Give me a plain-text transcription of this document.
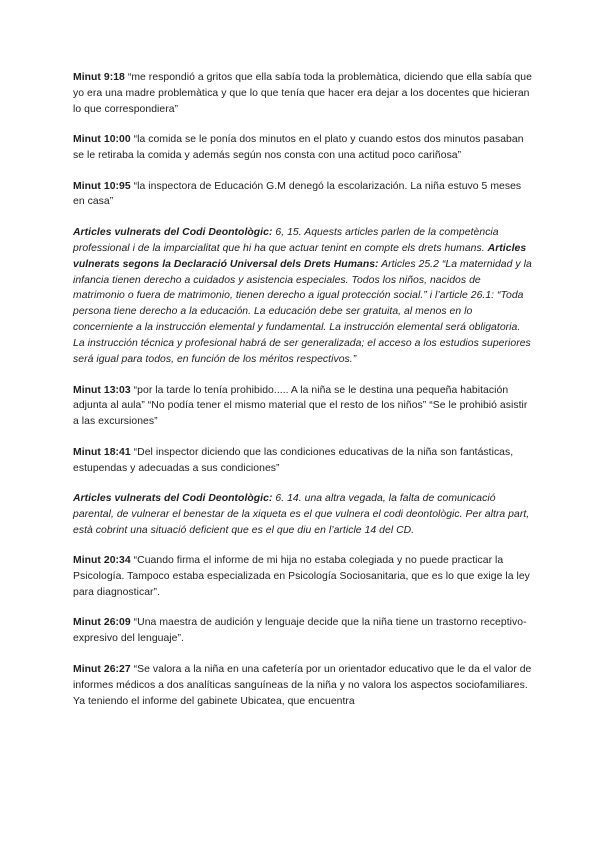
Minut 9:18 “me respondió a gritos que ella sabía toda la problemàtica, diciendo que ella sabía que yo era una madre problemàtica y que lo que tenía que hacer era dejar a los docentes que hicieran lo que correspondiera”

Minut 10:00 “la comida se le ponía dos minutos en el plato y cuando estos dos minutos pasaban se le retiraba la comida y además según nos consta con una actitud poco cariñosa”

Minut 10:95 “la inspectora de Educación G.M denegó la escolarización. La niña estuvo 5 meses en casa”

Articles vulnerats del Codi Deontològic: 6, 15. Aquests articles parlen de la competència professional i de la imparcialitat que hi ha que actuar tenint en compte els drets humans. Articles vulnerats segons la Declaració Universal dels Drets Humans: Articles 25.2 “La maternidad y la infancia tienen derecho a cuidados y asistencia especiales. Todos los niños, nacidos de matrimonio o fuera de matrimonio, tienen derecho a igual protección social.” i l’article 26.1: “Toda persona tiene derecho a la educación. La educación debe ser gratuita, al menos en lo concerniente a la instrucción elemental y fundamental. La instrucción elemental será obligatoria. La instrucción técnica y profesional habrá de ser generalizada; el acceso a los estudios superiores será igual para todos, en función de los méritos respectivos.”

Minut 13:03 “por la tarde lo tenía prohibido..... A la niña se le destina una pequeña habitación adjunta al aula” “No podía tener el mismo material que el resto de los niños” “Se le prohibió asistir a las excursiones”

Minut 18:41 “Del inspector diciendo que las condiciones educativas de la niña son fantásticas, estupendas y adecuadas a sus condiciones”

Articles vulnerats del Codi Deontològic: 6. 14. una altra vegada, la falta de comunicació parental, de vulnerar el benestar de la xiqueta es el que vulnera el codi deontològic. Per altra part, està cobrint una situació deficient que es el que diu en l’article 14 del CD.

Minut 20:34 “Cuando firma el informe de mi hija no estaba colegiada y no puede practicar la Psicología. Tampoco estaba especializada en Psicología Sociosanitaria, que es lo que exige la ley para diagnosticar”.

Minut 26:09 “Una maestra de audición y lenguaje decide que la niña tiene un trastorno receptivo-expresivo del lenguaje”.

Minut 26:27 “Se valora a la niña en una cafetería por un orientador educativo que le da el valor de informes médicos a dos analíticas sanguíneas de la niña y no valora los aspectos sociofamiliares. Ya teniendo el informe del gabinete Ubicatea, que encuentra
